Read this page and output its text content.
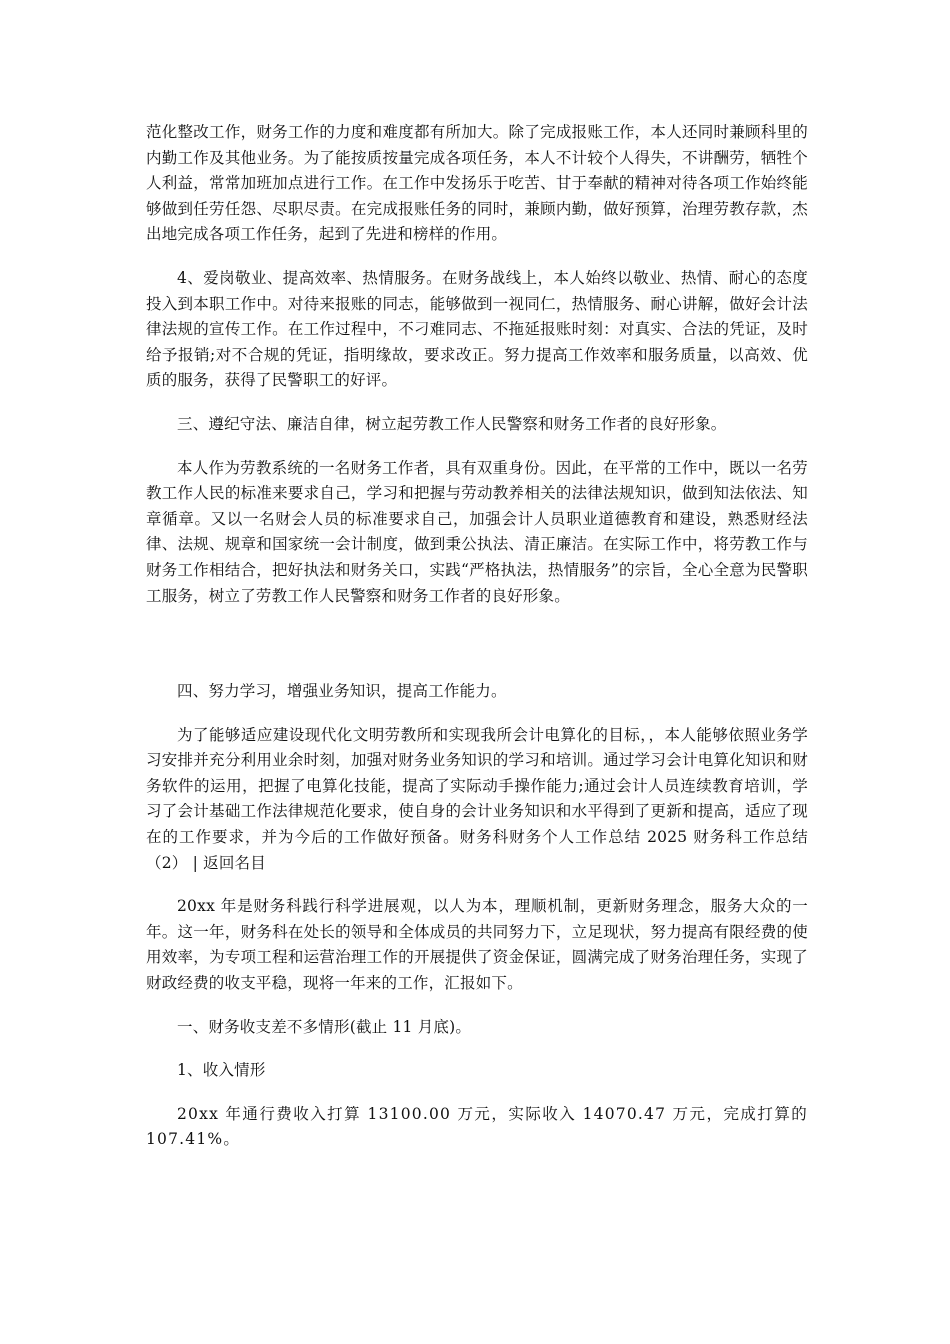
范化整改工作，财务工作的力度和难度都有所加大。除了完成报账工作，本人还同时兼顾科里的内勤工作及其他业务。为了能按质按量完成各项任务，本人不计较个人得失，不讲酬劳，牺牲个人利益，常常加班加点进行工作。在工作中发扬乐于吃苦、甘于奉献的精神对待各项工作始终能够做到任劳任怨、尽职尽责。在完成报账任务的同时，兼顾内勤，做好预算，治理劳教存款，杰出地完成各项工作任务，起到了先进和榜样的作用。

4、爱岗敬业、提高效率、热情服务。在财务战线上，本人始终以敬业、热情、耐心的态度投入到本职工作中。对待来报账的同志，能够做到一视同仁，热情服务、耐心讲解，做好会计法律法规的宣传工作。在工作过程中，不刁难同志、不拖延报账时刻：对真实、合法的凭证，及时给予报销;对不合规的凭证，指明缘故，要求改正。努力提高工作效率和服务质量，以高效、优质的服务，获得了民警职工的好评。

三、遵纪守法、廉洁自律，树立起劳教工作人民警察和财务工作者的良好形象。

本人作为劳教系统的一名财务工作者，具有双重身份。因此，在平常的工作中，既以一名劳教工作人民的标准来要求自己，学习和把握与劳动教养相关的法律法规知识，做到知法依法、知章循章。又以一名财会人员的标准要求自己，加强会计人员职业道德教育和建设，熟悉财经法律、法规、规章和国家统一会计制度，做到秉公执法、清正廉洁。在实际工作中，将劳教工作与财务工作相结合，把好执法和财务关口，实践“严格执法，热情服务”的宗旨，全心全意为民警职工服务，树立了劳教工作人民警察和财务工作者的良好形象。

四、努力学习，增强业务知识，提高工作能力。

为了能够适应建设现代化文明劳教所和实现我所会计电算化的目标，，本人能够依照业务学习安排并充分利用业余时刻，加强对财务业务知识的学习和培训。通过学习会计电算化知识和财务软件的运用，把握了电算化技能，提高了实际动手操作能力;通过会计人员连续教育培训，学习了会计基础工作法律规范化要求，使自身的会计业务知识和水平得到了更新和提高，适应了现在的工作要求，并为今后的工作做好预备。财务科财务个人工作总结 2025 财务科工作总结（2） | 返回名目

20xx 年是财务科践行科学进展观，以人为本，理顺机制，更新财务理念，服务大众的一年。这一年，财务科在处长的领导和全体成员的共同努力下，立足现状，努力提高有限经费的使用效率，为专项工程和运营治理工作的开展提供了资金保证，圆满完成了财务治理任务，实现了财政经费的收支平稳，现将一年来的工作，汇报如下。

一、财务收支差不多情形(截止 11 月底)。

1、收入情形

20xx 年通行费收入打算 13100.00 万元，实际收入 14070.47 万元，完成打算的 107.41%。
